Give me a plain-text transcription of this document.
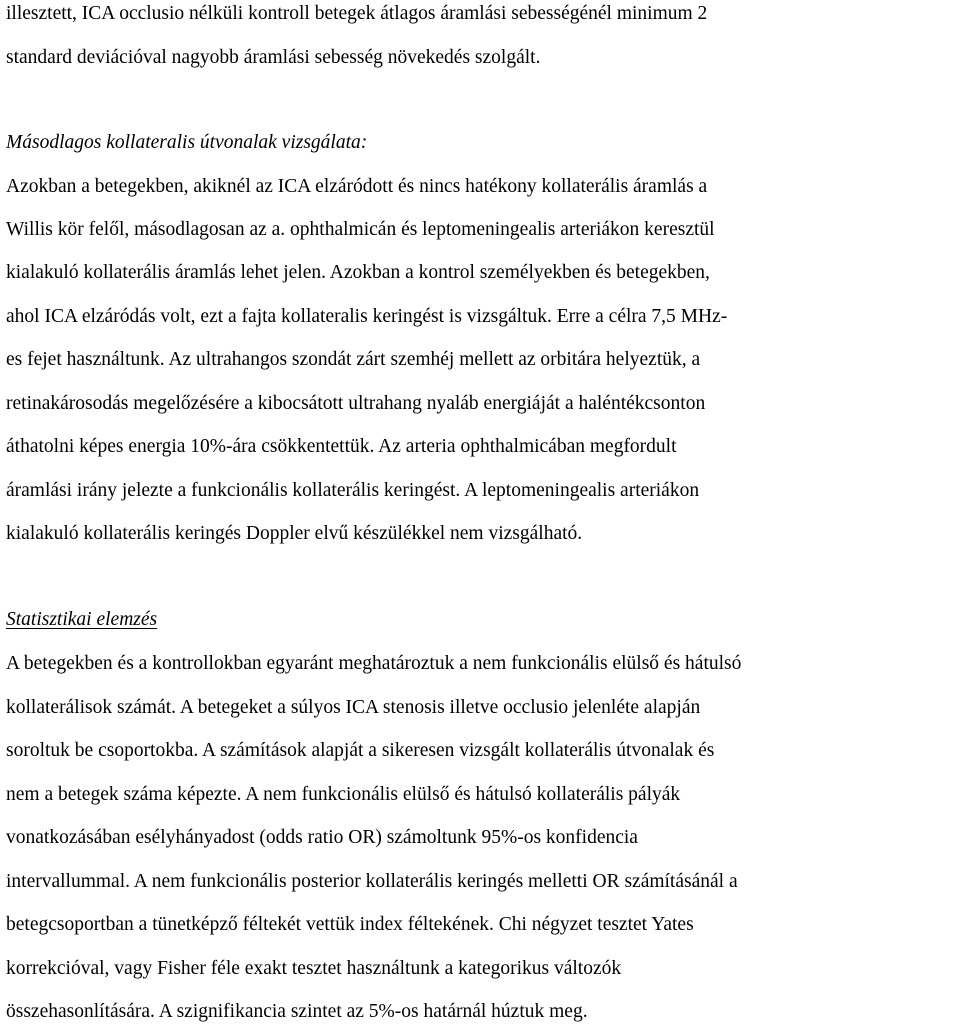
illesztett, ICA occlusio nélküli kontroll betegek átlagos áramlási sebességénél minimum 2
standard deviációval nagyobb áramlási sebesség növekedés szolgált.
Másodlagos kollateralis útvonalak vizsgálata:
Azokban a betegekben, akiknél az ICA elzáródott és nincs hatékony kollaterális áramlás a
Willis kör felől, másodlagosan az a. ophthalmicán és leptomeningealis arteriákon keresztül
kialakuló kollaterális áramlás lehet jelen. Azokban a kontrol személyekben és betegekben,
ahol ICA elzáródás volt, ezt a fajta kollateralis keringést is vizsgáltuk. Erre a célra 7,5 MHz-
es fejet használtunk. Az ultrahangos szondát zárt szemhéj mellett az orbitára helyeztük, a
retinakárosodás megelőzésére a kibocsátott ultrahang nyaláb energiáját a haléntékcsonton
áthatolni képes energia 10%-ára csökkentettük. Az arteria ophthalmicában megfordult
áramlási irány jelezte a funkcionális kollaterális keringést. A leptomeningealis arteriákon
kialakuló kollaterális keringés Doppler elvű készülékkel nem vizsgálható.
Statisztikai elemzés
A betegekben és a kontrollokban egyaránt meghatároztuk a nem funkcionális elülső és hátulsó
kollaterálisok számát. A betegeket a súlyos ICA stenosis illetve occlusio jelenléte alapján
soroltuk be csoportokba. A számítások alapját a sikeresen vizsgált kollaterális útvonalak és
nem a betegek száma képezte. A nem funkcionális elülső és hátulsó kollaterális pályák
vonatkozásában esélyhányadost (odds ratio OR) számoltunk 95%-os konfidencia
intervallummal. A nem funkcionális posterior kollaterális keringés melletti OR számításánál a
betegcsoportban a tünetképző féltekét vettük index féltekének. Chi négyzet tesztet Yates
korrekcióval, vagy Fisher féle exakt tesztet használtunk a kategorikus változók
összehasonlítására. A szignifikancia szintet az 5%-os határnál húztuk meg.
